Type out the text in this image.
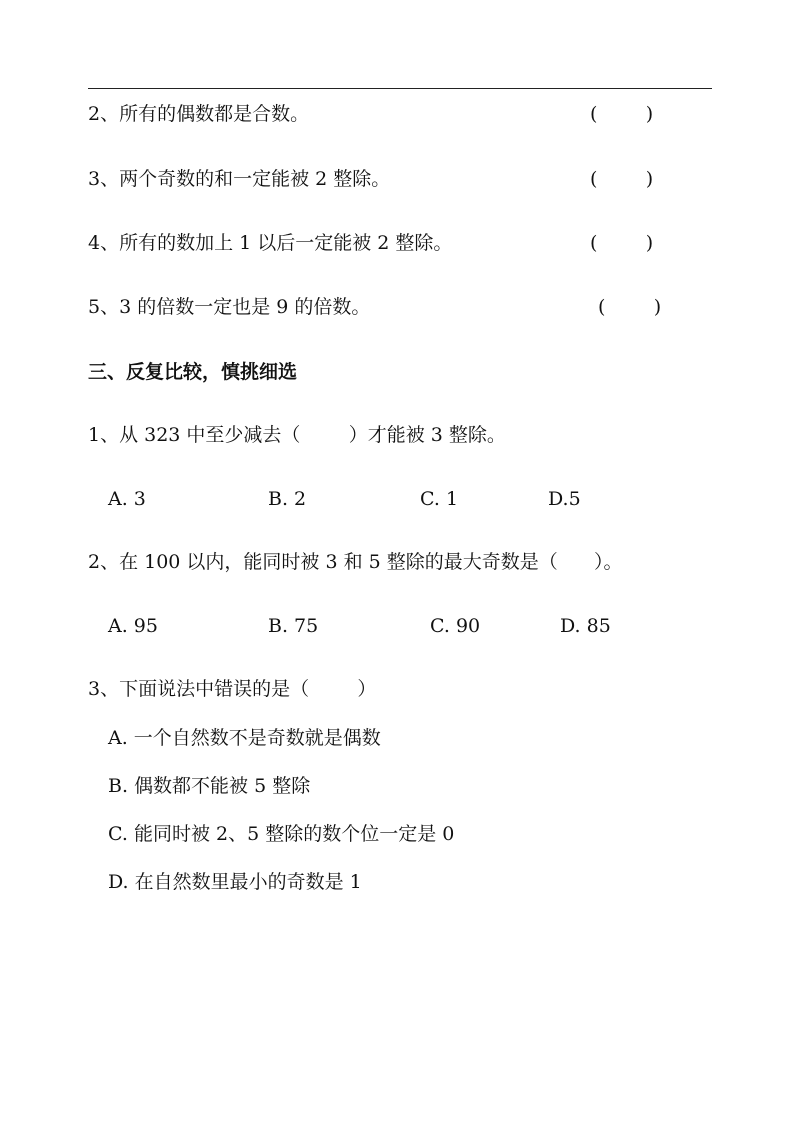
2、所有的偶数都是合数。	(        )
3、两个奇数的和一定能被 2 整除。	(        )
4、所有的数加上 1 以后一定能被 2 整除。	(        )
5、3 的倍数一定也是 9 的倍数。	(        )
三、反复比较，慎挑细选
1、从 323 中至少减去（        ）才能被 3 整除。
A. 3	B. 2	C. 1	D.5
2、在 100 以内，能同时被 3 和 5 整除的最大奇数是（      ）。
A. 95	B. 75	C. 90	D. 85
3、下面说法中错误的是（        ）
A. 一个自然数不是奇数就是偶数
B. 偶数都不能被 5 整除
C. 能同时被 2、5 整除的数个位一定是 0
D. 在自然数里最小的奇数是 1
